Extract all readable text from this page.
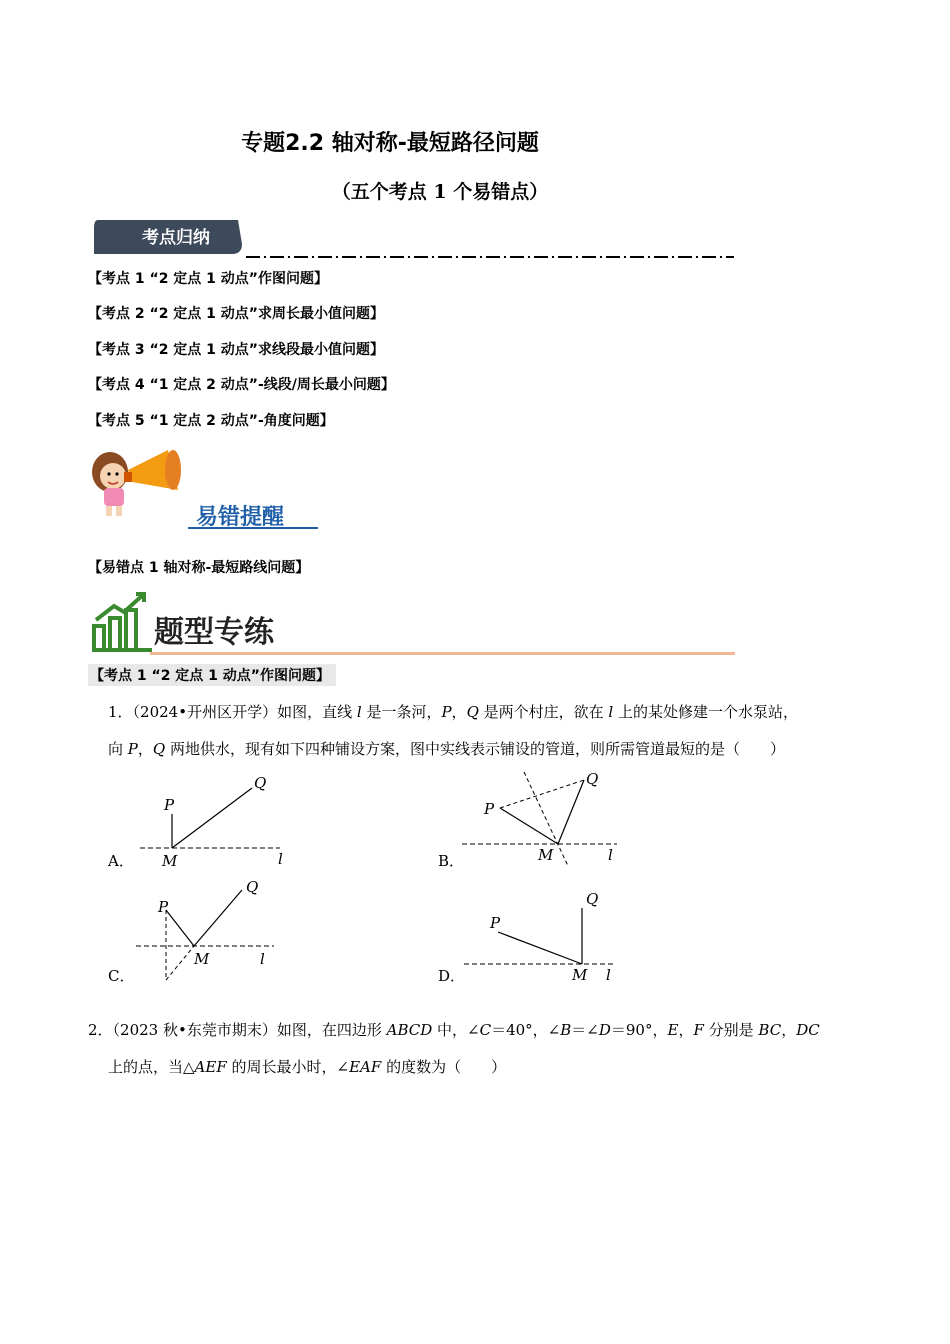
专题2.2 轴对称-最短路径问题
（五个考点 1 个易错点）
考点归纳
【考点 1 “2 定点 1 动点”作图问题】
【考点 2 “2 定点 1 动点”求周长最小值问题】
【考点 3 “2 定点 1 动点”求线段最小值问题】
【考点 4 “1 定点 2 动点”-线段/周长最小问题】
【考点 5 “1 定点 2 动点”-角度问题】
易错提醒
【易错点 1 轴对称-最短路线问题】
题型专练
【考点 1 “2 定点 1 动点”作图问题】
1．（2024•开州区开学）如图，直线 l 是一条河，P，Q 是两个村庄，欲在 l 上的某处修建一个水泵站，
向 P，Q 两地供水，现有如下四种铺设方案，图中实线表示铺设的管道，则所需管道最短的是（　　）
A．
P
Q
M	l	B．
P
Q
M	l
C．
P
Q
M	l
D．
P
Q
M l
2．（2023 秋•东莞市期末）如图，在四边形 ABCD 中，∠C＝40°，∠B＝∠D＝90°，E，F 分别是 BC，DC
上的点，当△AEF 的周长最小时，∠EAF 的度数为（　　）
